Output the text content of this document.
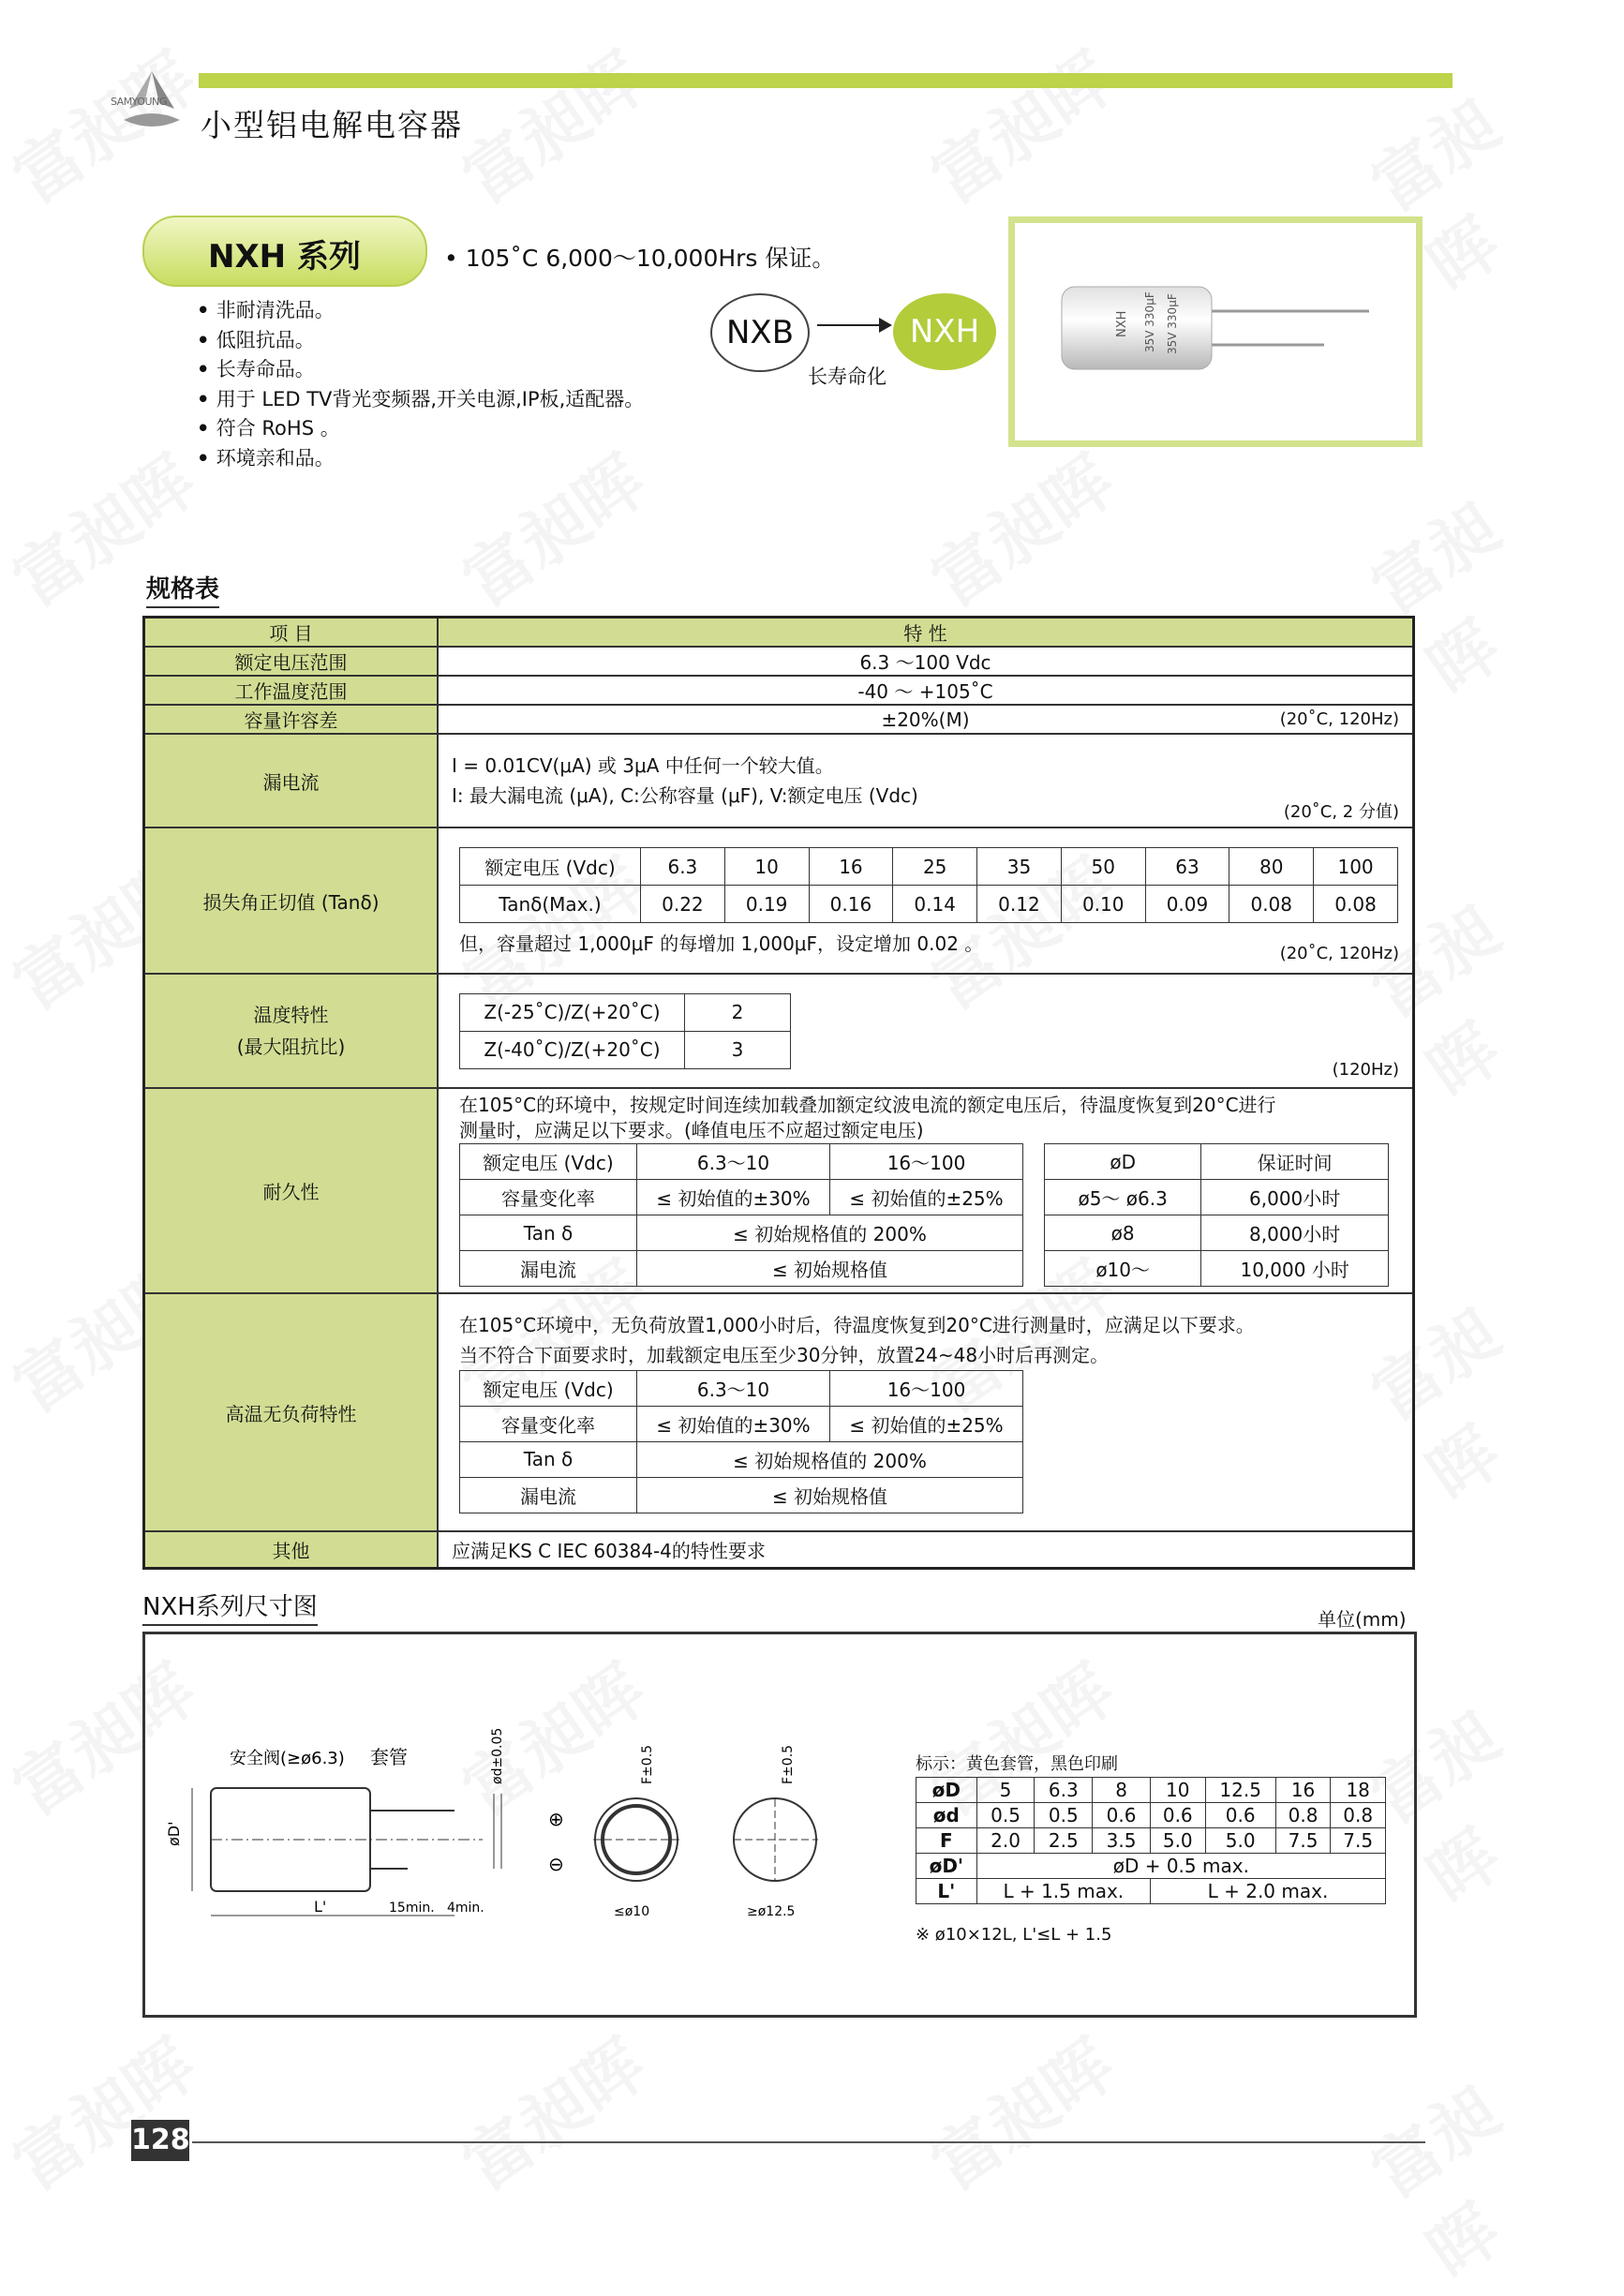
SAMYOUNG
小型铝电解电容器
NXH 系列	• 105˚C 6,000～10,000Hrs 保证。
• 非耐清洗品。
• 低阻抗品。
• 长寿命品。
• 用于 LED TV背光变频器,开关电源,IP板,适配器。
• 符合 RoHS 。
• 环境亲和品。
NXB	NXH
长寿命化
NXH 35V 330μF 35V 330μF
规格表
项 目	特 性
额定电压范围	6.3 ～100 Vdc
工作温度范围	-40 ～ +105˚C
容量许容差	±20%(M)	(20˚C, 120Hz)

漏电流	
I = 0.01CV(μA) 或 3μA 中任何一个较大值。
I: 最大漏电流 (μA), C:公称容量 (μF), V:额定电压 (Vdc)
(20˚C, 2 分值)

损失角正切值 (Tanδ)	
额定电压 (Vdc)	6.3	10	16	25	35	50	63	80	100
Tanδ(Max.)	0.22	0.19	0.16	0.14	0.12	0.10	0.09	0.08	0.08
但，容量超过 1,000μF 的每增加 1,000μF，设定增加 0.02 。	(20˚C, 120Hz)

温度特性
(最大阻抗比)

Z(-25˚C)/Z(+20˚C)	2
Z(-40˚C)/Z(+20˚C)	3
(120Hz)

耐久性	
在105°C的环境中，按规定时间连续加载叠加额定纹波电流的额定电压后，待温度恢复到20°C进行
测量时，应满足以下要求。(峰值电压不应超过额定电压)
额定电压 (Vdc)	6.3～10	16～100
容量变化率	≤ 初始值的±30%	≤ 初始值的±25%
Tan δ	≤ 初始规格值的 200%
漏电流	≤ 初始规格值
øD	保证时间
ø5～ ø6.3	6,000小时
ø8	8,000小时
ø10～	10,000 小时

高温无负荷特性	
在105°C环境中，无负荷放置1,000小时后，待温度恢复到20°C进行测量时，应满足以下要求。
当不符合下面要求时，加载额定电压至少30分钟，放置24~48小时后再测定。
额定电压 (Vdc)	6.3～10	16～100
容量变化率	≤ 初始值的±30%	≤ 初始值的±25%
Tan δ	≤ 初始规格值的 200%
漏电流	≤ 初始规格值

其他	应满足KS C IEC 60384-4的特性要求
NXH系列尺寸图	单位(mm)
安全阀(≥ø6.3) 套管
øD'
L'	15min. 4min.
ød±0.05
⊕
⊖
F±0.5
≤ø10
F±0.5
≥ø12.5
标示：黄色套管，黑色印刷
øD	5	6.3	8	10	12.5	16	18
ød	0.5	0.5	0.6	0.6	0.6	0.8	0.8
F	2.0	2.5	3.5	5.0	5.0	7.5	7.5
øD'	øD + 0.5 max.						
L'	L + 1.5 max.			L + 2.0 max.			
※ ø10×12L, L'≤L + 1.5
128
